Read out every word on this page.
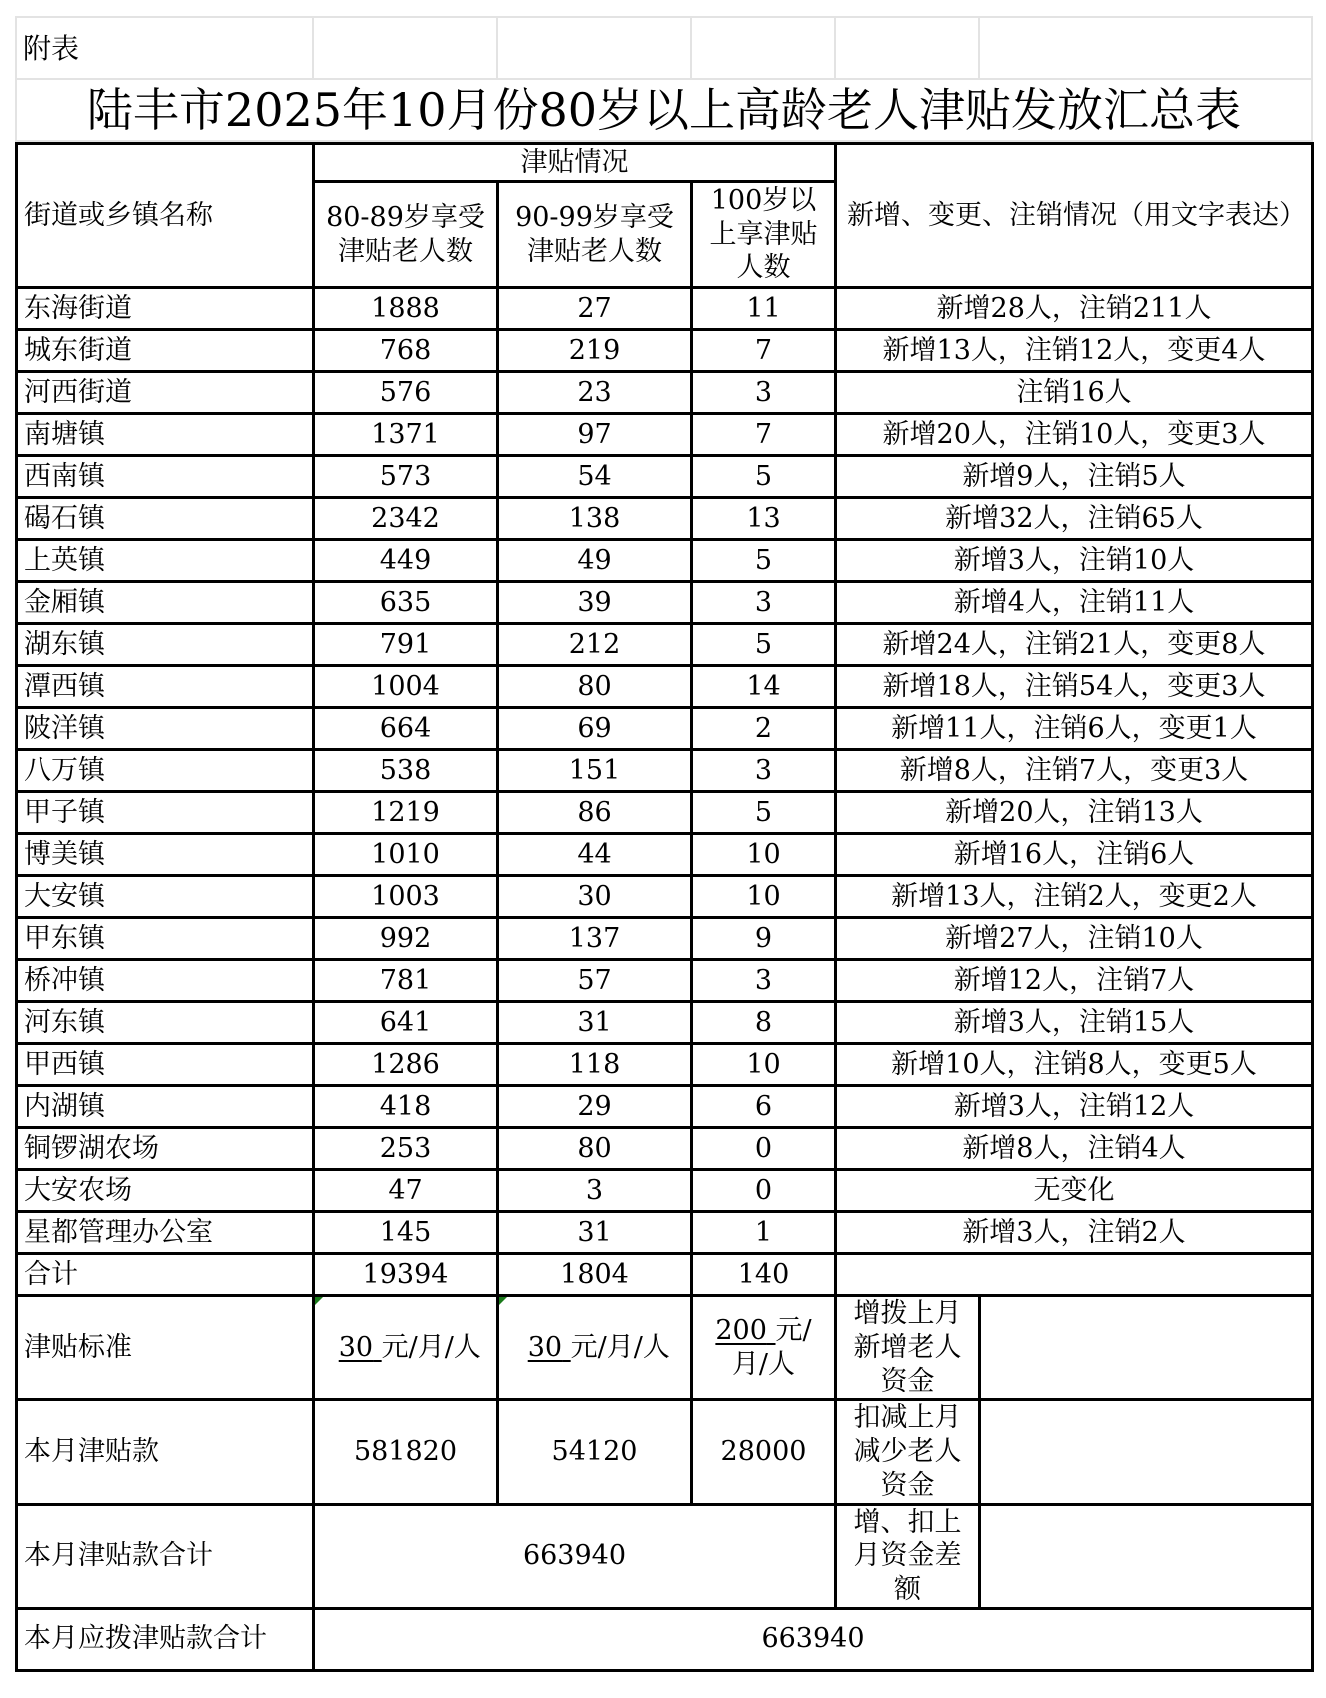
附表					
陆丰市2025年10月份80岁以上高龄老人津贴发放汇总表
街道或乡镇名称	津贴情况			新增、变更、注销情况（用文字表达）	
	80-89岁享受津贴老人数	90-99岁享受津贴老人数	100岁以上享津贴人数		
东海街道	1888	27	11	新增28人，注销211人	
城东街道	768	219	7	新增13人，注销12人，变更4人	
河西街道	576	23	3	注销16人	
南塘镇	1371	97	7	新增20人，注销10人，变更3人	
西南镇	573	54	5	新增9人，注销5人	
碣石镇	2342	138	13	新增32人，注销65人	
上英镇	449	49	5	新增3人，注销10人	
金厢镇	635	39	3	新增4人，注销11人	
湖东镇	791	212	5	新增24人，注销21人，变更8人	
潭西镇	1004	80	14	新增18人，注销54人，变更3人	
陂洋镇	664	69	2	新增11人，注销6人，变更1人	
八万镇	538	151	3	新增8人，注销7人，变更3人	
甲子镇	1219	86	5	新增20人，注销13人	
博美镇	1010	44	10	新增16人，注销6人	
大安镇	1003	30	10	新增13人，注销2人，变更2人	
甲东镇	992	137	9	新增27人，注销10人	
桥冲镇	781	57	3	新增12人，注销7人	
河东镇	641	31	8	新增3人，注销15人	
甲西镇	1286	118	10	新增10人，注销8人，变更5人	
内湖镇	418	29	6	新增3人，注销12人	
铜锣湖农场	253	80	0	新增8人，注销4人	
大安农场	47	3	0	无变化	
星都管理办公室	145	31	1	新增3人，注销2人	
合计	19394	1804	140		
津贴标准	30 元/月/人	30 元/月/人	200 元/月/人	增拨上月新增老人资金	
本月津贴款	581820	54120	28000	扣减上月减少老人资金	
本月津贴款合计	663940			增、扣上月资金差额	
本月应拨津贴款合计	663940				
